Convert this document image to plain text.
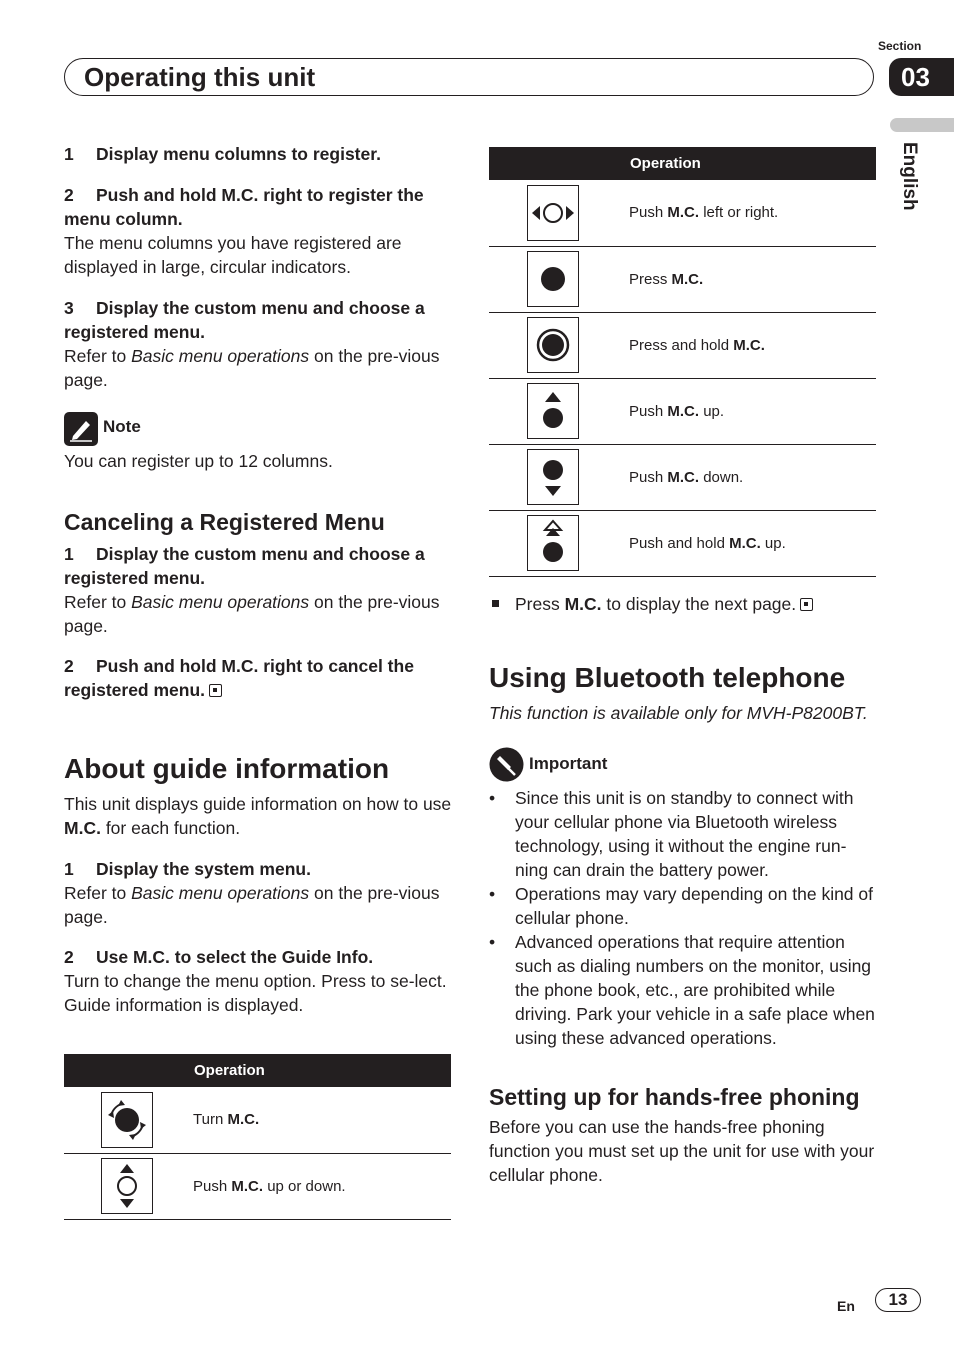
Operating this unit
Section
03
English
1 Display menu columns to register.
2 Push and hold M.C. right to register the menu column.
The menu columns you have registered are displayed in large, circular indicators.
3 Display the custom menu and choose a registered menu.
Refer to Basic menu operations on the pre-vious page.
Note
You can register up to 12 columns.
Canceling a Registered Menu
1 Display the custom menu and choose a registered menu.
Refer to Basic menu operations on the pre-vious page.
2 Push and hold M.C. right to cancel the registered menu.
About guide information
This unit displays guide information on how to use M.C. for each function.
1 Display the system menu.
Refer to Basic menu operations on the pre-vious page.
2 Use M.C. to select the Guide Info.
Turn to change the menu option. Press to se-lect.
Guide information is displayed.
	Operation

	Turn M.C.

	Push M.C. up or down.
	Operation

	Push M.C. left or right.

	Press M.C.

	Press and hold M.C.

	Push M.C. up.

	Push M.C. down.

	Push and hold M.C. up.
Press M.C. to display the next page.
Using Bluetooth telephone
This function is available only for MVH-P8200BT.
Important
• Since this unit is on standby to connect with your cellular phone via Bluetooth wireless technology, using it without the engine run-ning can drain the battery power.
• Operations may vary depending on the kind of cellular phone.
• Advanced operations that require attention such as dialing numbers on the monitor, using the phone book, etc., are prohibited while driving. Park your vehicle in a safe place when using these advanced operations.
Setting up for hands-free phoning
Before you can use the hands-free phoning function you must set up the unit for use with your cellular phone.
En	13
